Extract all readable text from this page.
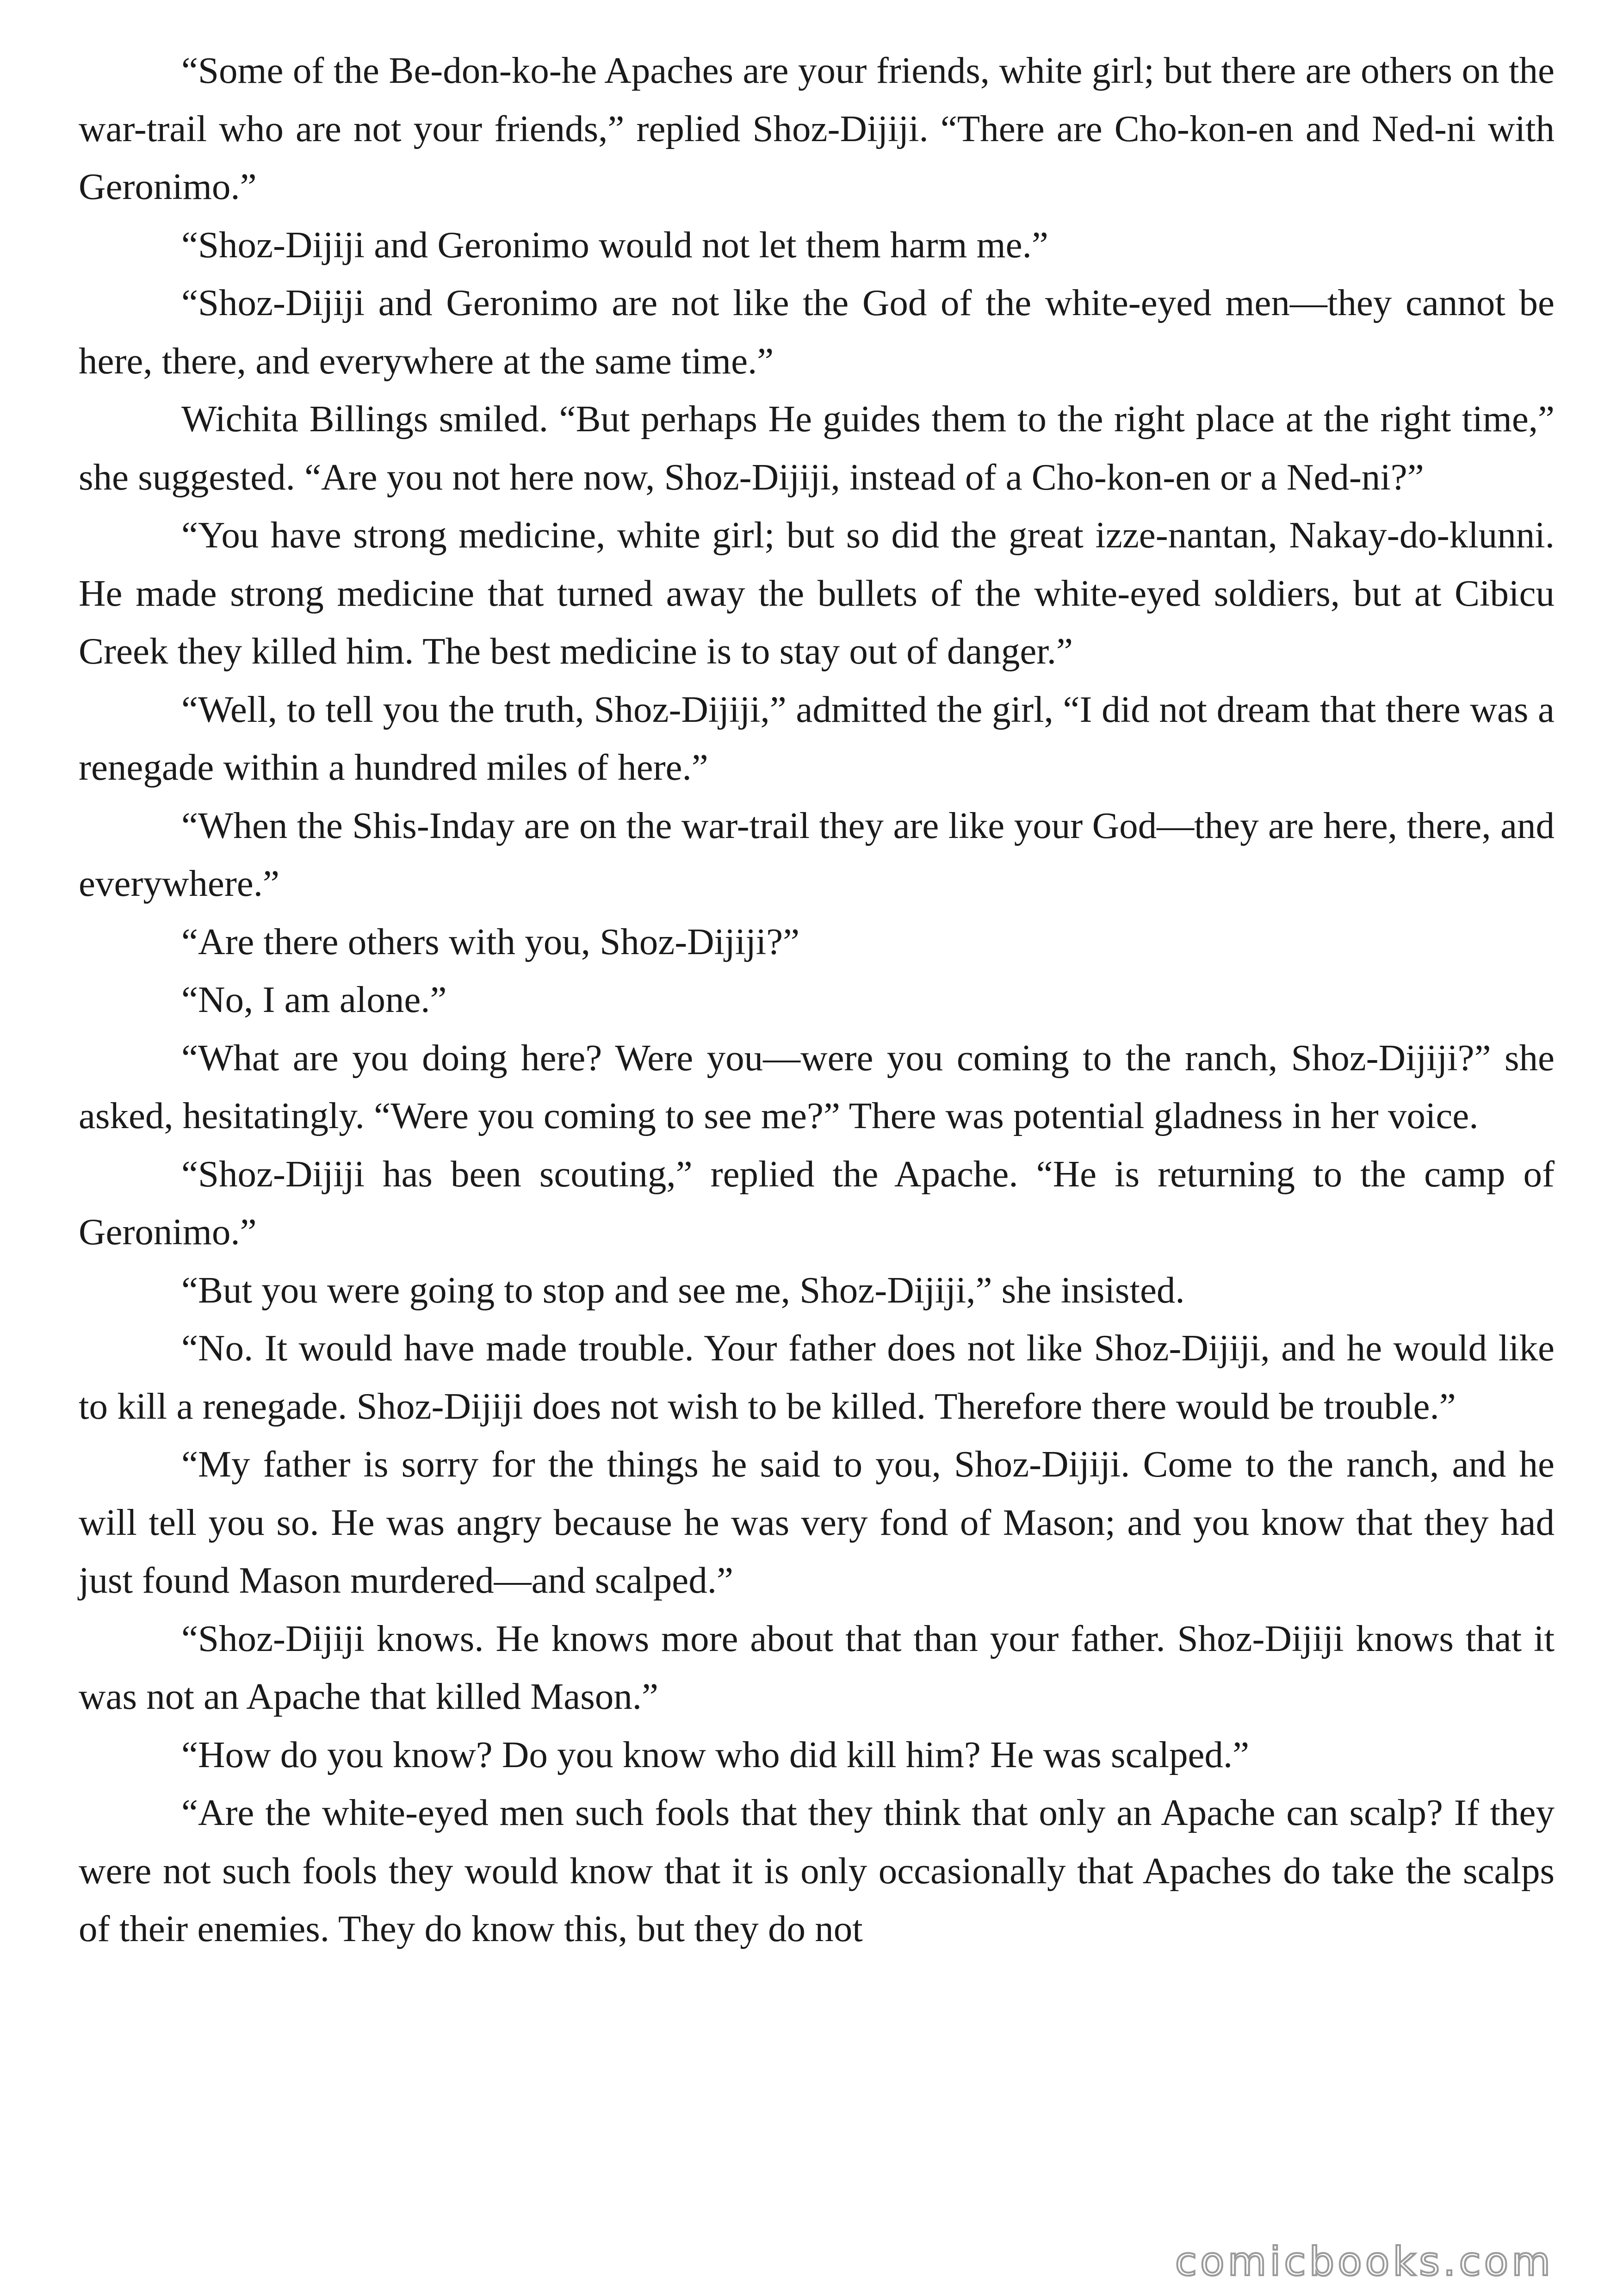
“Some of the Be-don-ko-he Apaches are your friends, white girl; but there are others on the war-trail who are not your friends,” replied Shoz-Dijiji. “There are Cho-kon-en and Ned-ni with Geronimo.”

“Shoz-Dijiji and Geronimo would not let them harm me.”

“Shoz-Dijiji and Geronimo are not like the God of the white-eyed men—they cannot be here, there, and everywhere at the same time.”

Wichita Billings smiled. “But perhaps He guides them to the right place at the right time,” she suggested. “Are you not here now, Shoz-Dijiji, instead of a Cho-kon-en or a Ned-ni?”

“You have strong medicine, white girl; but so did the great izze-nantan, Nakay-do-klunni. He made strong medicine that turned away the bullets of the white-eyed soldiers, but at Cibicu Creek they killed him. The best medicine is to stay out of danger.”

“Well, to tell you the truth, Shoz-Dijiji,” admitted the girl, “I did not dream that there was a renegade within a hundred miles of here.”

“When the Shis-Inday are on the war-trail they are like your God—they are here, there, and everywhere.”

“Are there others with you, Shoz-Dijiji?”

“No, I am alone.”

“What are you doing here? Were you—were you coming to the ranch, Shoz-Dijiji?” she asked, hesitatingly. “Were you coming to see me?” There was potential gladness in her voice.

“Shoz-Dijiji has been scouting,” replied the Apache. “He is returning to the camp of Geronimo.”

“But you were going to stop and see me, Shoz-Dijiji,” she insisted.

“No. It would have made trouble. Your father does not like Shoz-Dijiji, and he would like to kill a renegade. Shoz-Dijiji does not wish to be killed. Therefore there would be trouble.”

“My father is sorry for the things he said to you, Shoz-Dijiji. Come to the ranch, and he will tell you so. He was angry because he was very fond of Mason; and you know that they had just found Mason murdered—and scalped.”

“Shoz-Dijiji knows. He knows more about that than your father. Shoz-Dijiji knows that it was not an Apache that killed Mason.”

“How do you know? Do you know who did kill him? He was scalped.”

“Are the white-eyed men such fools that they think that only an Apache can scalp? If they were not such fools they would know that it is only occasionally that Apaches do take the scalps of their enemies. They do know this, but they do not

comicbooks.com
